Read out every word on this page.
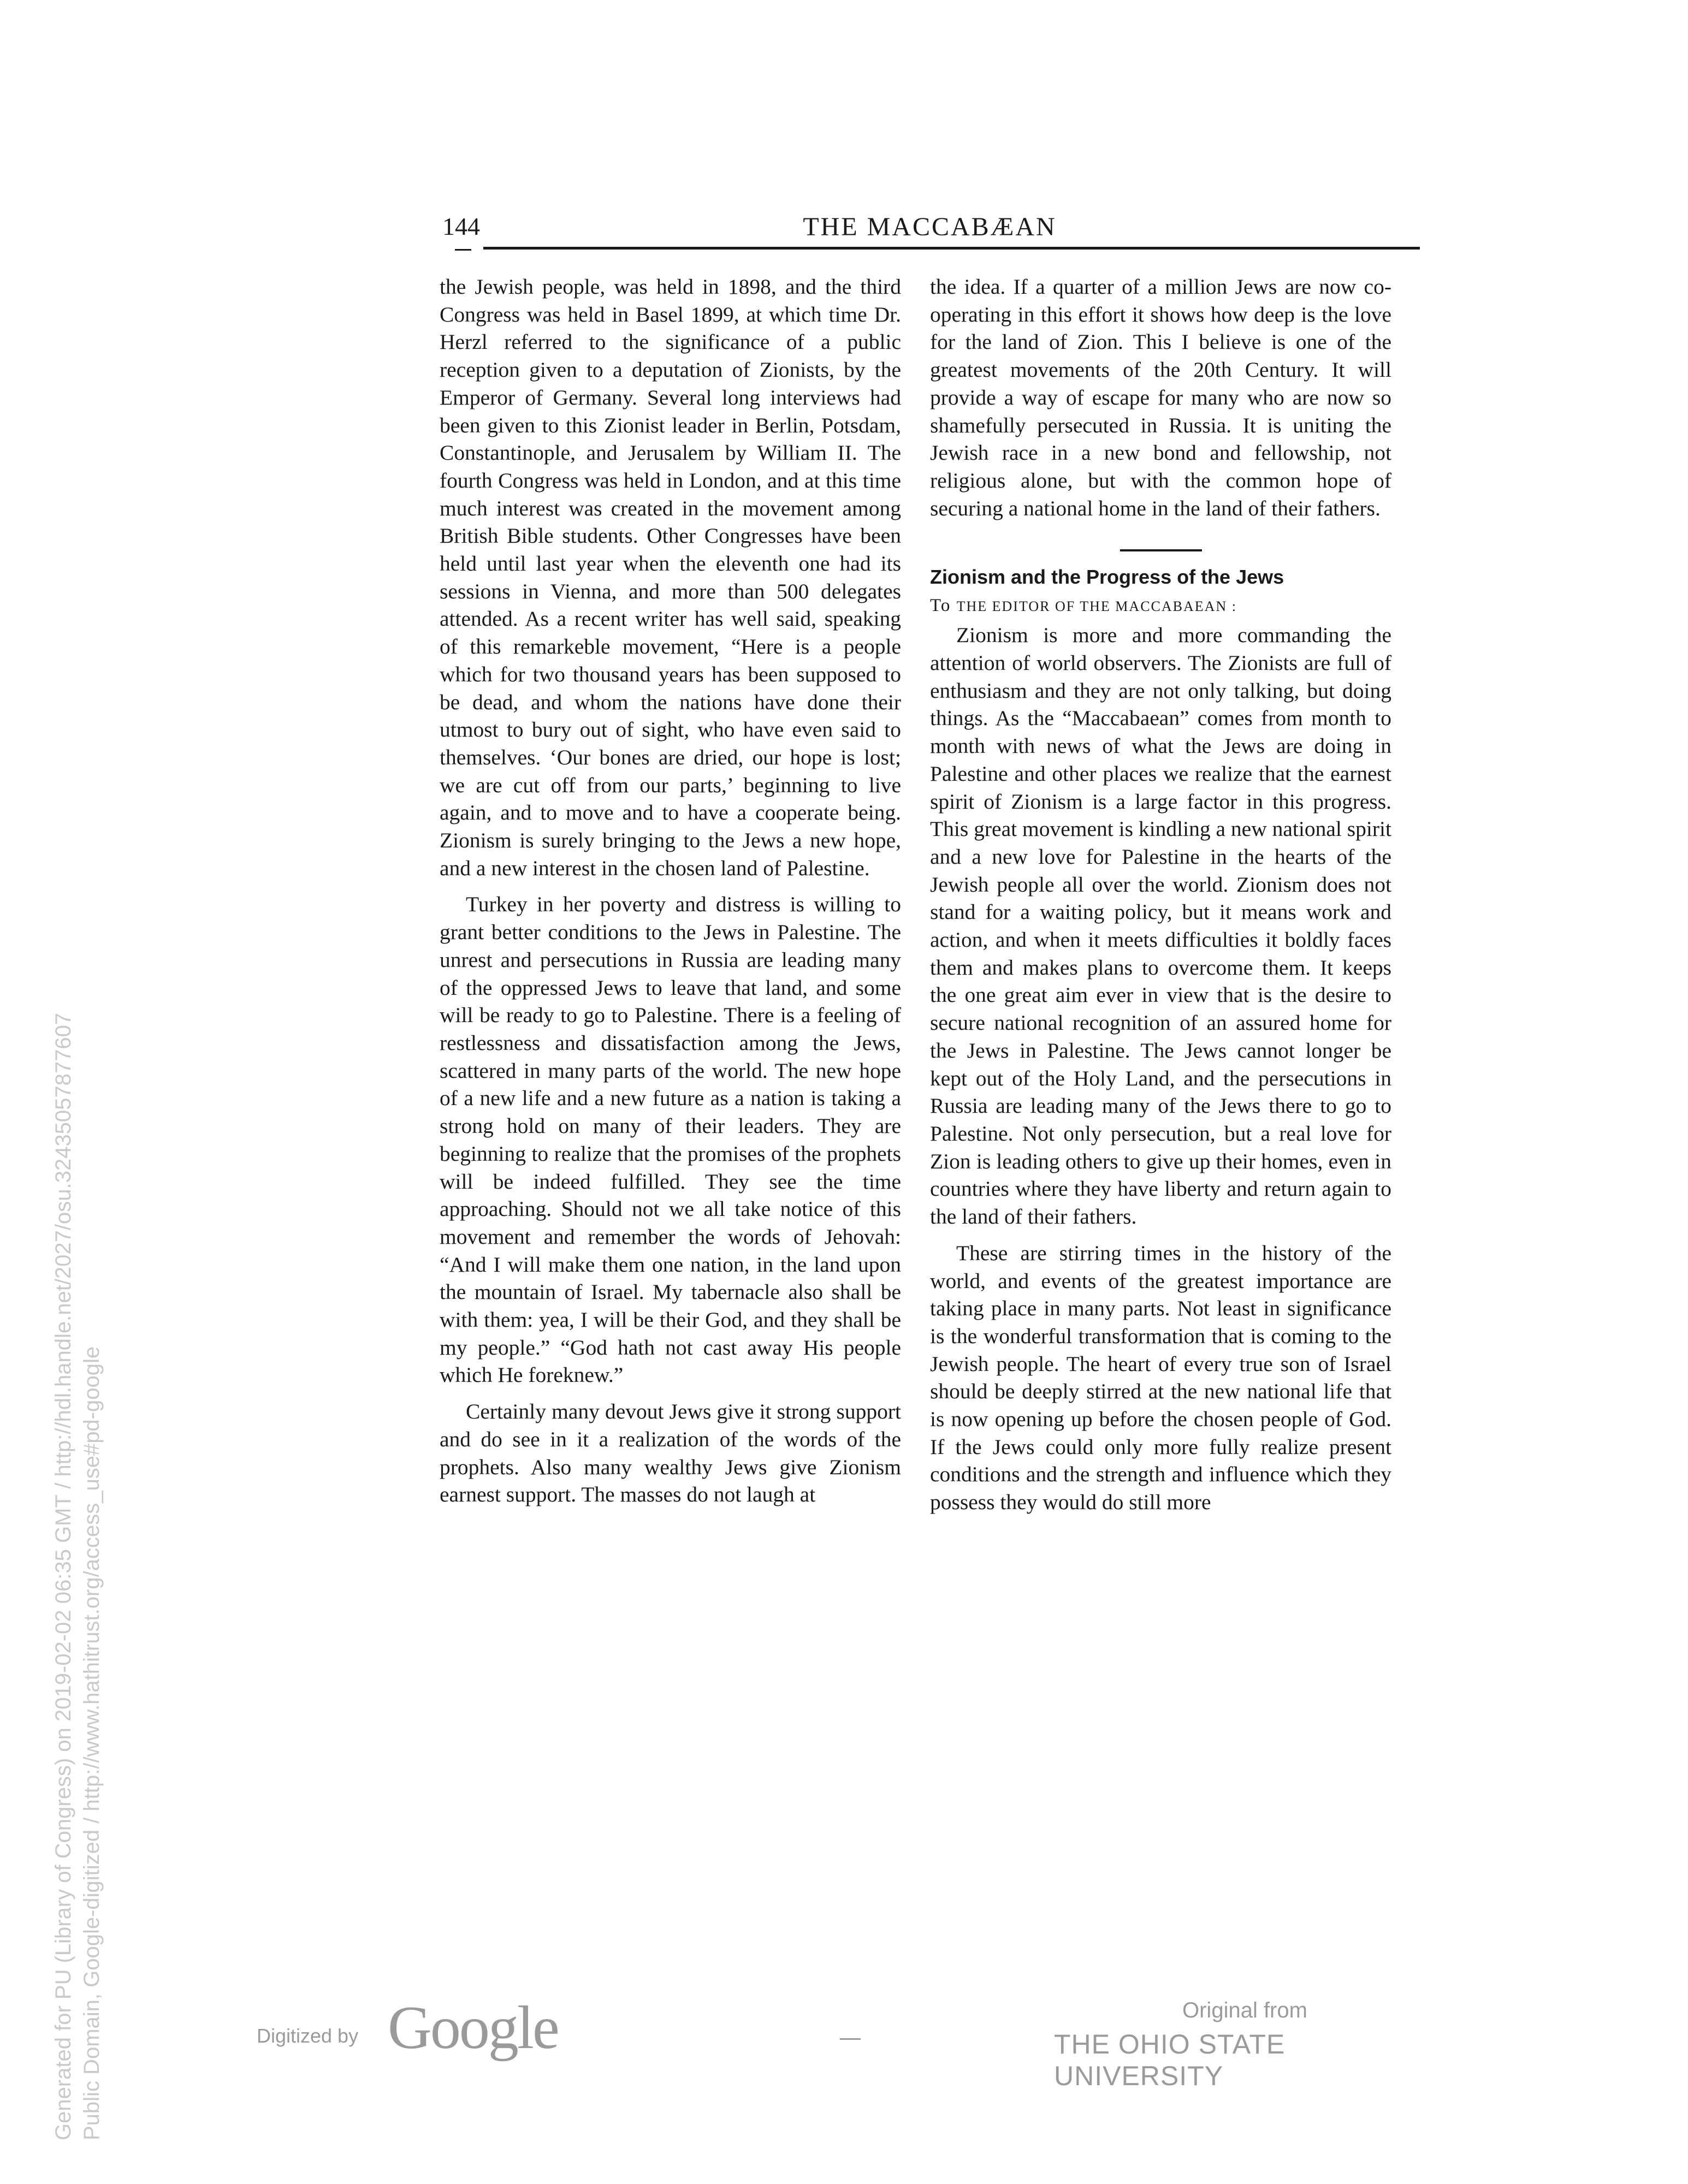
144	THE MACCABÆAN

the Jewish people, was held in 1898, and the third Congress was held in Basel 1899, at which time Dr. Herzl referred to the significance of a public reception given to a deputation of Zionists, by the Emperor of Germany. Several long interviews had been given to this Zionist leader in Berlin, Potsdam, Constantinople, and Jerusalem by William II. The fourth Congress was held in London, and at this time much interest was created in the movement among British Bible students. Other Congresses have been held until last year when the eleventh one had its sessions in Vienna, and more than 500 delegates attended. As a recent writer has well said, speaking of this remarkeble movement, “Here is a people which for two thousand years has been supposed to be dead, and whom the nations have done their utmost to bury out of sight, who have even said to themselves. ‘Our bones are dried, our hope is lost; we are cut off from our parts,’ beginning to live again, and to move and to have a cooperate being. Zionism is surely bringing to the Jews a new hope, and a new interest in the chosen land of Palestine.

Turkey in her poverty and distress is willing to grant better conditions to the Jews in Palestine. The unrest and persecutions in Russia are leading many of the oppressed Jews to leave that land, and some will be ready to go to Palestine. There is a feeling of restlessness and dissatisfaction among the Jews, scattered in many parts of the world. The new hope of a new life and a new future as a nation is taking a strong hold on many of their leaders. They are beginning to realize that the promises of the prophets will be indeed fulfilled. They see the time approaching. Should not we all take notice of this movement and remember the words of Jehovah: “And I will make them one nation, in the land upon the mountain of Israel. My tabernacle also shall be with them: yea, I will be their God, and they shall be my people.” “God hath not cast away His people which He foreknew.”

Certainly many devout Jews give it strong support and do see in it a realization of the words of the prophets. Also many wealthy Jews give Zionism earnest support. The masses do not laugh at

the idea. If a quarter of a million Jews are now co-operating in this effort it shows how deep is the love for the land of Zion. This I believe is one of the greatest movements of the 20th Century. It will provide a way of escape for many who are now so shamefully persecuted in Russia. It is uniting the Jewish race in a new bond and fellowship, not religious alone, but with the common hope of securing a national home in the land of their fathers.

Zionism and the Progress of the Jews
To THE EDITOR OF THE MACCABAEAN :

Zionism is more and more commanding the attention of world observers. The Zionists are full of enthusiasm and they are not only talking, but doing things. As the “Maccabaean” comes from month to month with news of what the Jews are doing in Palestine and other places we realize that the earnest spirit of Zionism is a large factor in this progress. This great movement is kindling a new national spirit and a new love for Palestine in the hearts of the Jewish people all over the world. Zionism does not stand for a waiting policy, but it means work and action, and when it meets difficulties it boldly faces them and makes plans to overcome them. It keeps the one great aim ever in view that is the desire to secure national recognition of an assured home for the Jews in Palestine. The Jews cannot longer be kept out of the Holy Land, and the persecutions in Russia are leading many of the Jews there to go to Palestine. Not only persecution, but a real love for Zion is leading others to give up their homes, even in countries where they have liberty and return again to the land of their fathers.

These are stirring times in the history of the world, and events of the greatest importance are taking place in many parts. Not least in significance is the wonderful transformation that is coming to the Jewish people. The heart of every true son of Israel should be deeply stirred at the new national life that is now opening up before the chosen people of God. If the Jews could only more fully realize present conditions and the strength and influence which they possess they would do still more

Generated for PU (Library of Congress) on 2019-02-02 06:35 GMT / http://hdl.handle.net/2027/osu.32435057877607 Public Domain, Google-digitized / http://www.hathitrust.org/access_use#pd-google	Digitized by Google	Original from
THE OHIO STATE UNIVERSITY
